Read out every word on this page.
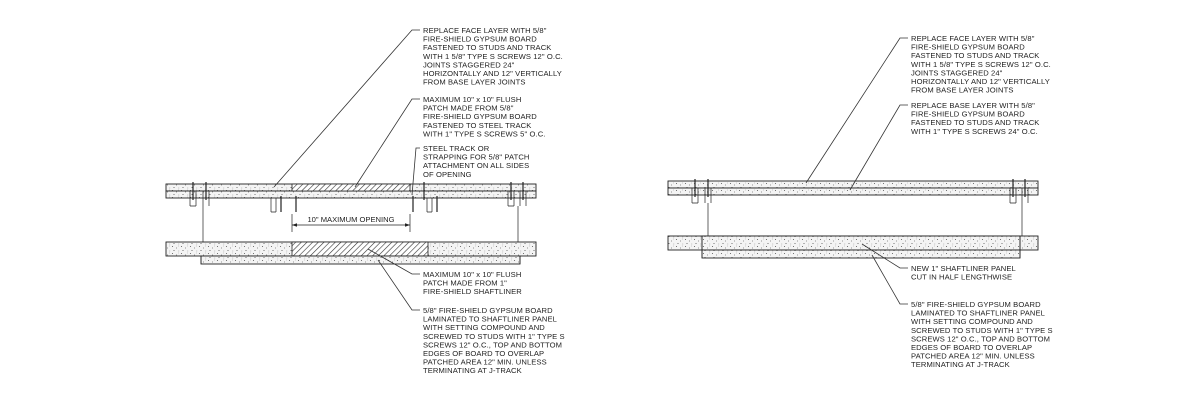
10" MAXIMUM OPENING
REPLACE FACE LAYER WITH 5/8" FIRE-SHIELD GYPSUM BOARD FASTENED TO STUDS AND TRACK WITH 1 5/8" TYPE S SCREWS 12" O.C. JOINTS STAGGERED 24" HORIZONTALLY AND 12" VERTICALLY FROM BASE LAYER JOINTS
MAXIMUM 10" x 10" FLUSH PATCH MADE FROM 5/8" FIRE-SHIELD GYPSUM BOARD FASTENED TO STEEL TRACK WITH 1" TYPE S SCREWS 5" O.C.
STEEL TRACK OR STRAPPING FOR 5/8" PATCH ATTACHMENT ON ALL SIDES OF OPENING
MAXIMUM 10" x 10" FLUSH PATCH MADE FROM 1" FIRE-SHIELD SHAFTLINER
5/8" FIRE-SHIELD GYPSUM BOARD LAMINATED TO SHAFTLINER PANEL WITH SETTING COMPOUND AND SCREWED TO STUDS WITH 1" TYPE S SCREWS 12" O.C., TOP AND BOTTOM EDGES OF BOARD TO OVERLAP PATCHED AREA 12" MIN. UNLESS TERMINATING AT J-TRACK
REPLACE FACE LAYER WITH 5/8" FIRE-SHIELD GYPSUM BOARD FASTENED TO STUDS AND TRACK WITH 1 5/8" TYPE S SCREWS 12" O.C. JOINTS STAGGERED 24" HORIZONTALLY AND 12" VERTICALLY FROM BASE LAYER JOINTS
REPLACE BASE LAYER WITH 5/8" FIRE-SHIELD GYPSUM BOARD FASTENED TO STUDS AND TRACK WITH 1" TYPE S SCREWS 24" O.C.
NEW 1" SHAFTLINER PANEL CUT IN HALF LENGTHWISE
5/8" FIRE-SHIELD GYPSUM BOARD LAMINATED TO SHAFTLINER PANEL WITH SETTING COMPOUND AND SCREWED TO STUDS WITH 1" TYPE S SCREWS 12" O.C., TOP AND BOTTOM EDGES OF BOARD TO OVERLAP PATCHED AREA 12" MIN. UNLESS TERMINATING AT J-TRACK
